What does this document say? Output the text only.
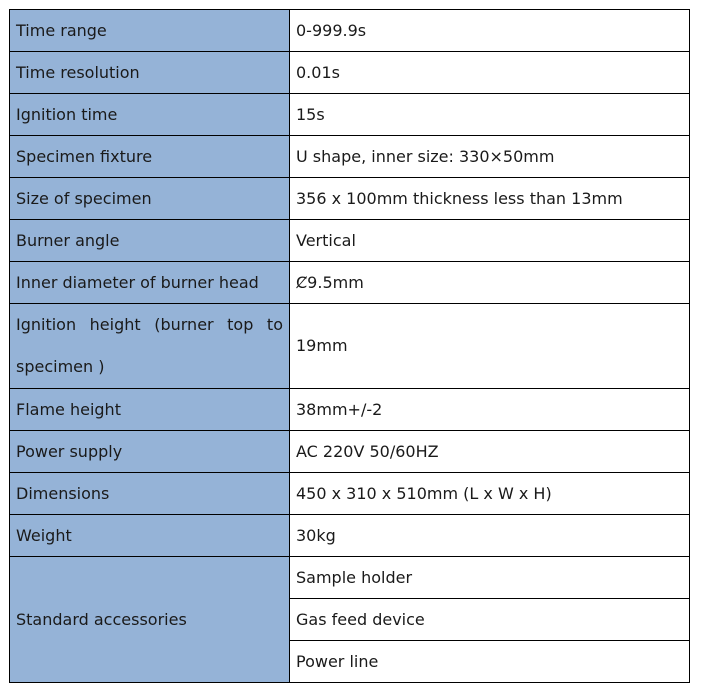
Time range	0-999.9s
Time resolution	0.01s
Ignition time	15s
Specimen fixture	U shape, inner size: 330×50mm
Size of specimen	356 x 100mm thickness less than 13mm
Burner angle	Vertical
Inner diameter of burner head	Ȼ9.5mm
Ignition height (burner top to specimen )	19mm
Flame height	38mm+/-2
Power supply	AC 220V 50/60HZ
Dimensions	450 x 310 x 510mm (L x W x H)
Weight	30kg
Standard accessories	Sample holder
	Gas feed device
	Power line
